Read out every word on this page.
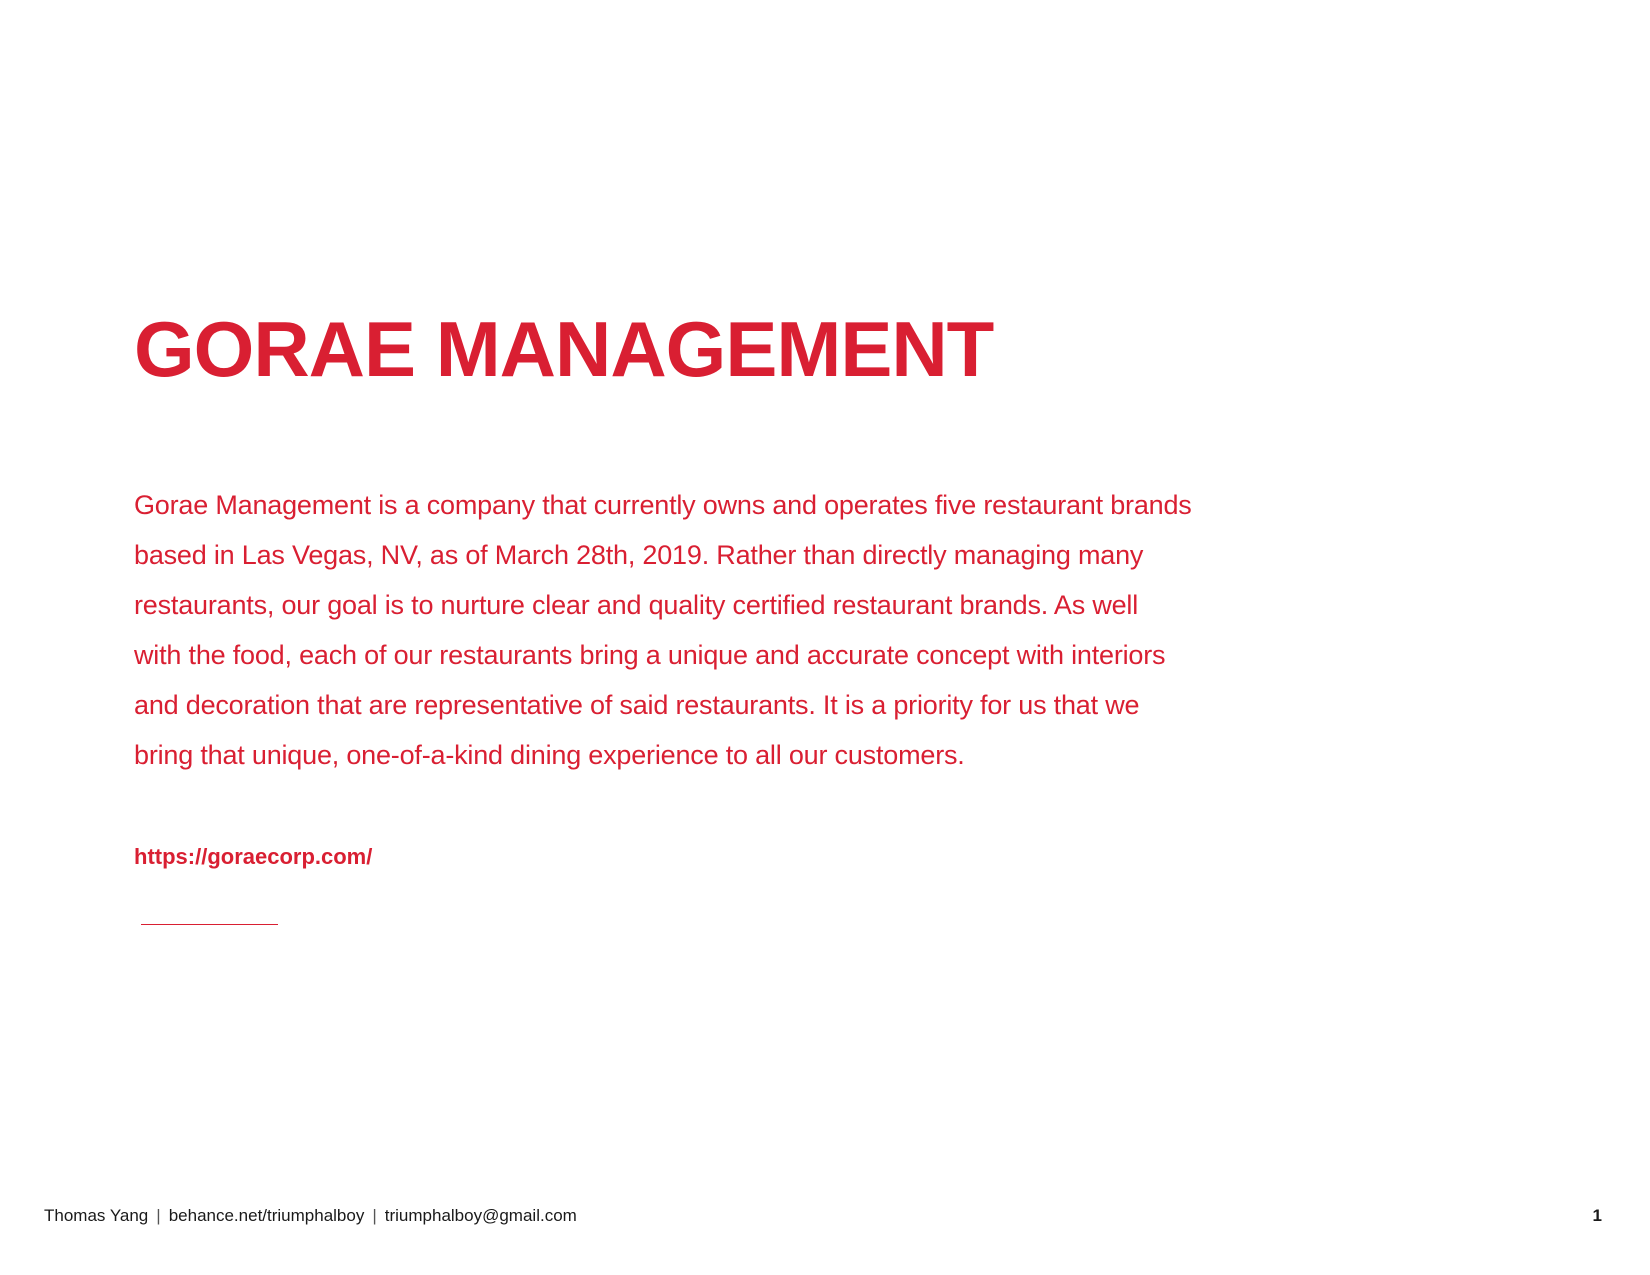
GORAE MANAGEMENT
Gorae Management is a company that currently owns and operates five restaurant brands
based in Las Vegas, NV, as of March 28th, 2019. Rather than directly managing many
restaurants, our goal is to nurture clear and quality certified restaurant brands. As well
with the food, each of our restaurants bring a unique and accurate concept with interiors
and decoration that are representative of said restaurants. It is a priority for us that we
bring that unique, one-of-a-kind dining experience to all our customers.
https://goraecorp.com/
Thomas Yang | behance.net/triumphalboy | triumphalboy@gmail.com	1
